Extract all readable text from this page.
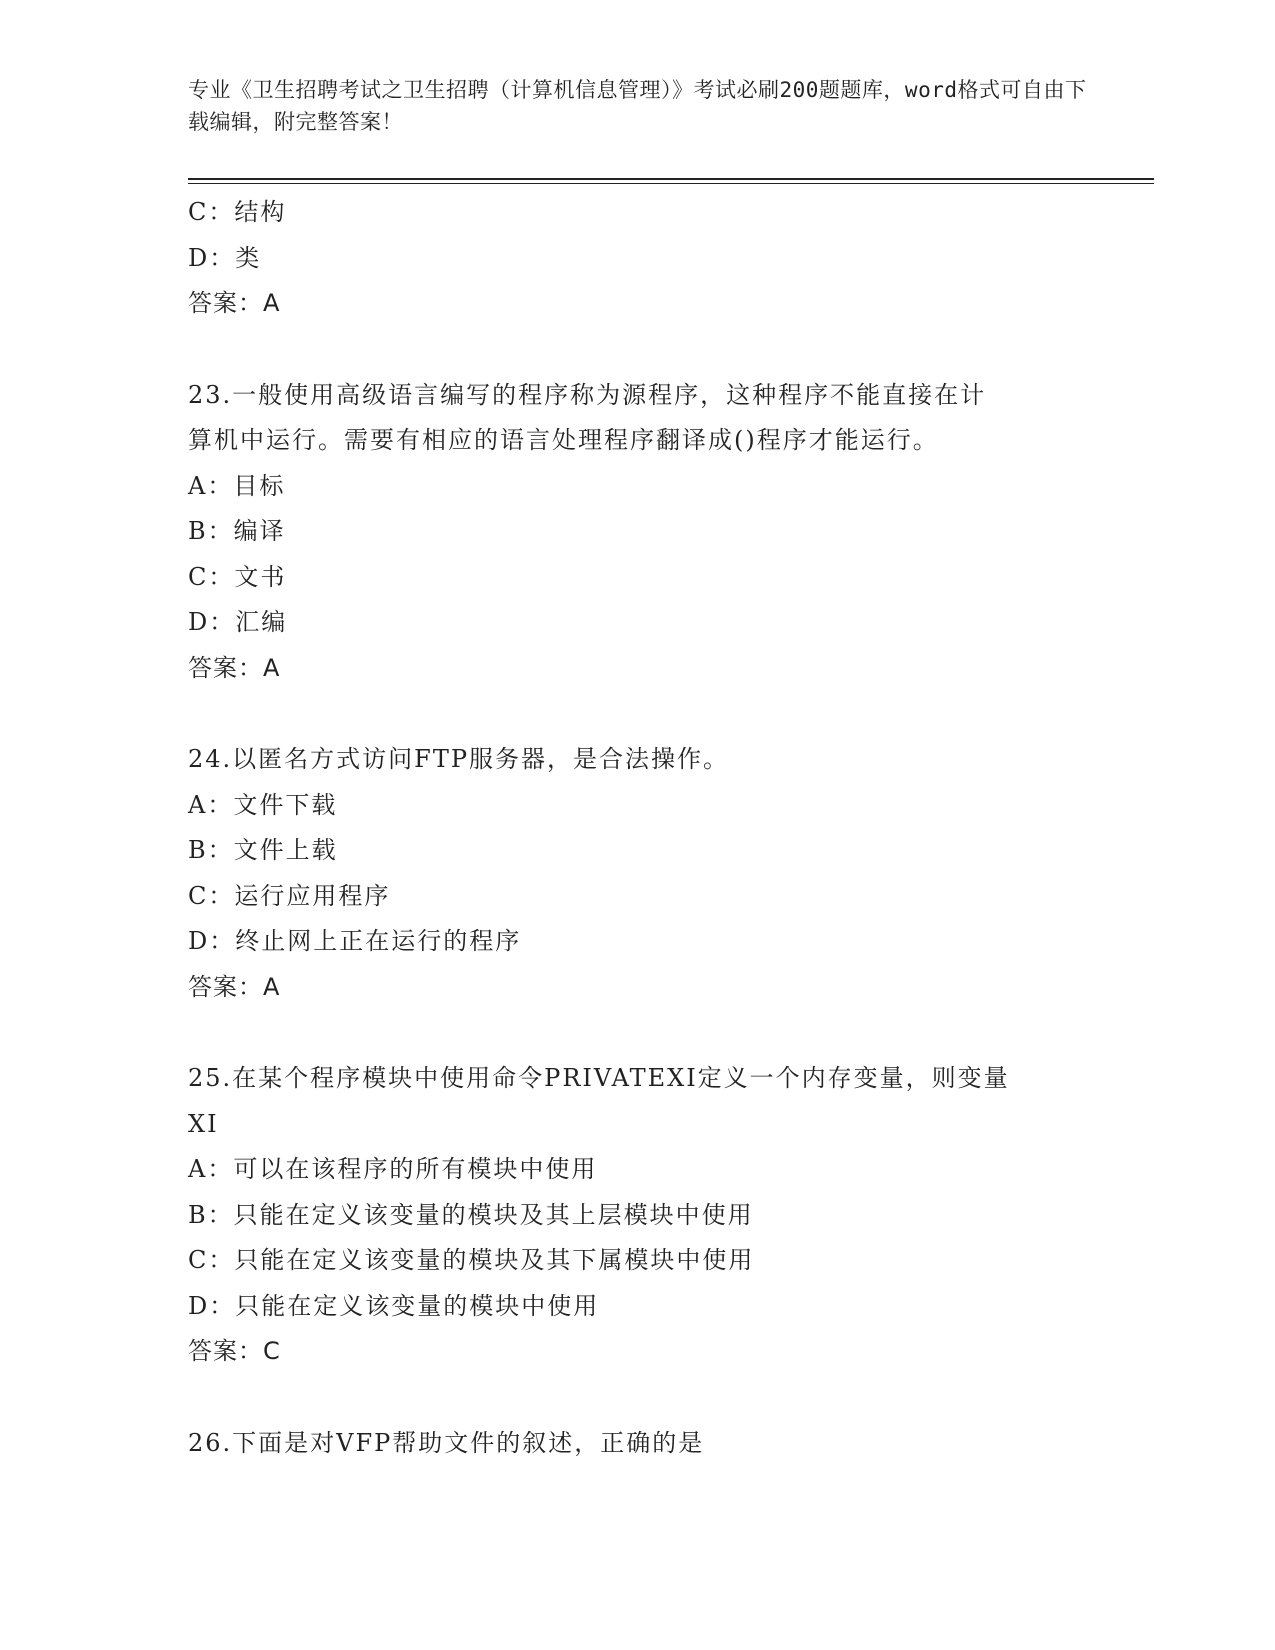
专业《卫生招聘考试之卫生招聘（计算机信息管理）》考试必刷200题题库，word格式可自由下载编辑，附完整答案！
C：结构
D：类
答案：A
23.一般使用高级语言编写的程序称为源程序，这种程序不能直接在计
算机中运行。需要有相应的语言处理程序翻译成()程序才能运行。
A：目标
B：编译
C：文书
D：汇编
答案：A
24.以匿名方式访问FTP服务器，是合法操作。
A：文件下载
B：文件上载
C：运行应用程序
D：终止网上正在运行的程序
答案：A
25.在某个程序模块中使用命令PRIVATEXI定义一个内存变量，则变量
XI
A：可以在该程序的所有模块中使用
B：只能在定义该变量的模块及其上层模块中使用
C：只能在定义该变量的模块及其下属模块中使用
D：只能在定义该变量的模块中使用
答案：C
26.下面是对VFP帮助文件的叙述，正确的是
